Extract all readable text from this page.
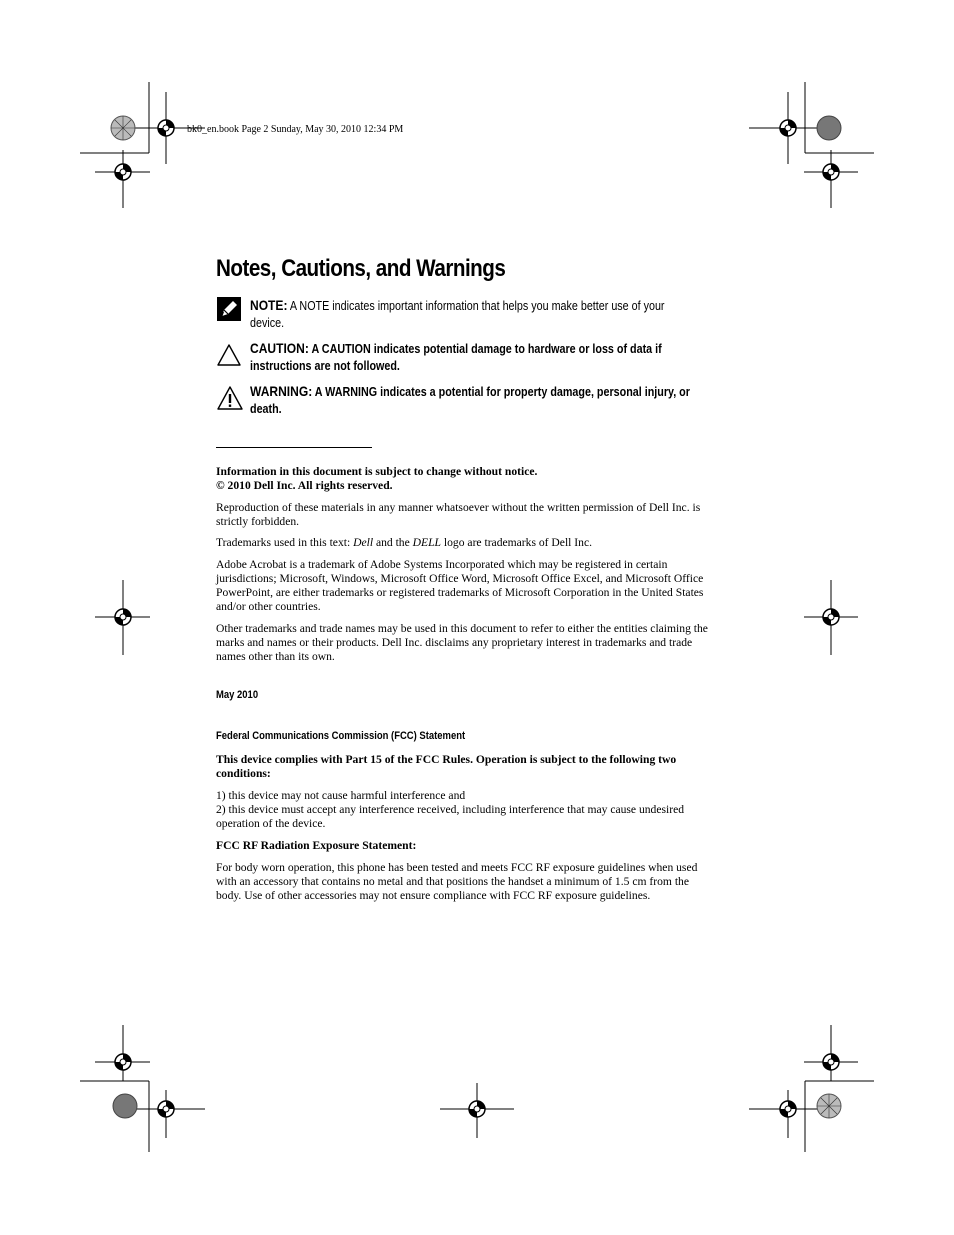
bk0_en.book Page 2 Sunday, May 30, 2010 12:34 PM
Notes, Cautions, and Warnings
NOTE: A NOTE indicates important information that helps you make better use of your device.
CAUTION: A CAUTION indicates potential damage to hardware or loss of data if instructions are not followed.
WARNING: A WARNING indicates a potential for property damage, personal injury, or death.

Information in this document is subject to change without notice.

© 2010 Dell Inc. All rights reserved.

Reproduction of these materials in any manner whatsoever without the written permission of Dell Inc. is strictly forbidden.
Trademarks used in this text: Dell and the DELL logo are trademarks of Dell Inc.
Adobe Acrobat is a trademark of Adobe Systems Incorporated which may be registered in certain jurisdictions; Microsoft, Windows, Microsoft Office Word, Microsoft Office Excel, and Microsoft Office PowerPoint, are either trademarks or registered trademarks of Microsoft Corporation in the United States and/or other countries.
Other trademarks and trade names may be used in this document to refer to either the entities claiming the marks and names or their products. Dell Inc. disclaims any proprietary interest in trademarks and trade names other than its own.
May 2010
Federal Communications Commission (FCC) Statement
This device complies with Part 15 of the FCC Rules. Operation is subject to the following two conditions:

1) this device may not cause harmful interference and

2) this device must accept any interference received, including interference that may cause undesired operation of the device.

FCC RF Radiation Exposure Statement:
For body worn operation, this phone has been tested and meets FCC RF exposure guidelines when used with an accessory that contains no metal and that positions the handset a minimum of 1.5 cm from the body. Use of other accessories may not ensure compliance with FCC RF exposure guidelines.
